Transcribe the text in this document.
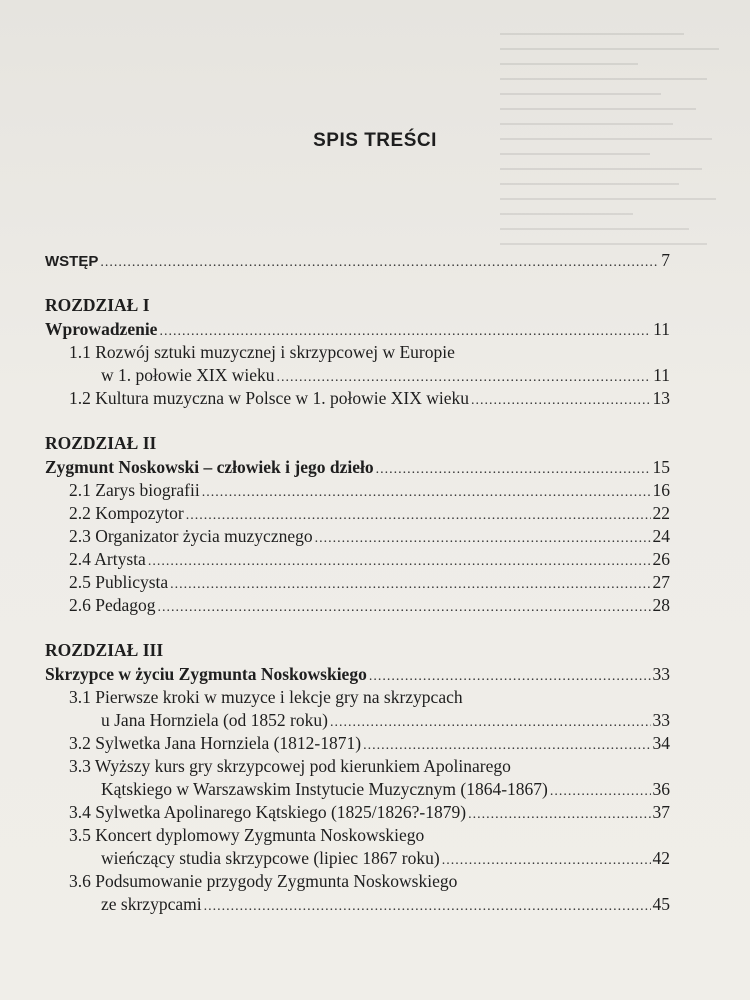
SPIS TREŚCI
WSTĘP .....	7
ROZDZIAŁ I
Wprowadzenie .....	11
1.1 Rozwój sztuki muzycznej i skrzypcowej w Europie
w 1. połowie XIX wieku .....	11
1.2 Kultura muzyczna w Polsce w 1. połowie XIX wieku .....	13
ROZDZIAŁ II
Zygmunt Noskowski – człowiek i jego dzieło .....	15
2.1 Zarys biografii .....	16
2.2 Kompozytor .....	22
2.3 Organizator życia muzycznego .....	24
2.4 Artysta .....	26
2.5 Publicysta .....	27
2.6 Pedagog .....	28
ROZDZIAŁ III
Skrzypce w życiu Zygmunta Noskowskiego .....	33
3.1 Pierwsze kroki w muzyce i lekcje gry na skrzypcach
u Jana Hornziela (od 1852 roku) .....	33
3.2 Sylwetka Jana Hornziela (1812-1871) .....	34
3.3 Wyższy kurs gry skrzypcowej pod kierunkiem Apolinarego
Kątskiego w Warszawskim Instytucie Muzycznym (1864-1867) .....	36
3.4 Sylwetka Apolinarego Kątskiego (1825/1826?-1879) .....	37
3.5 Koncert dyplomowy Zygmunta Noskowskiego
wieńczący studia skrzypcowe (lipiec 1867 roku) .....	42
3.6 Podsumowanie przygody Zygmunta Noskowskiego
ze skrzypcami .....	45
